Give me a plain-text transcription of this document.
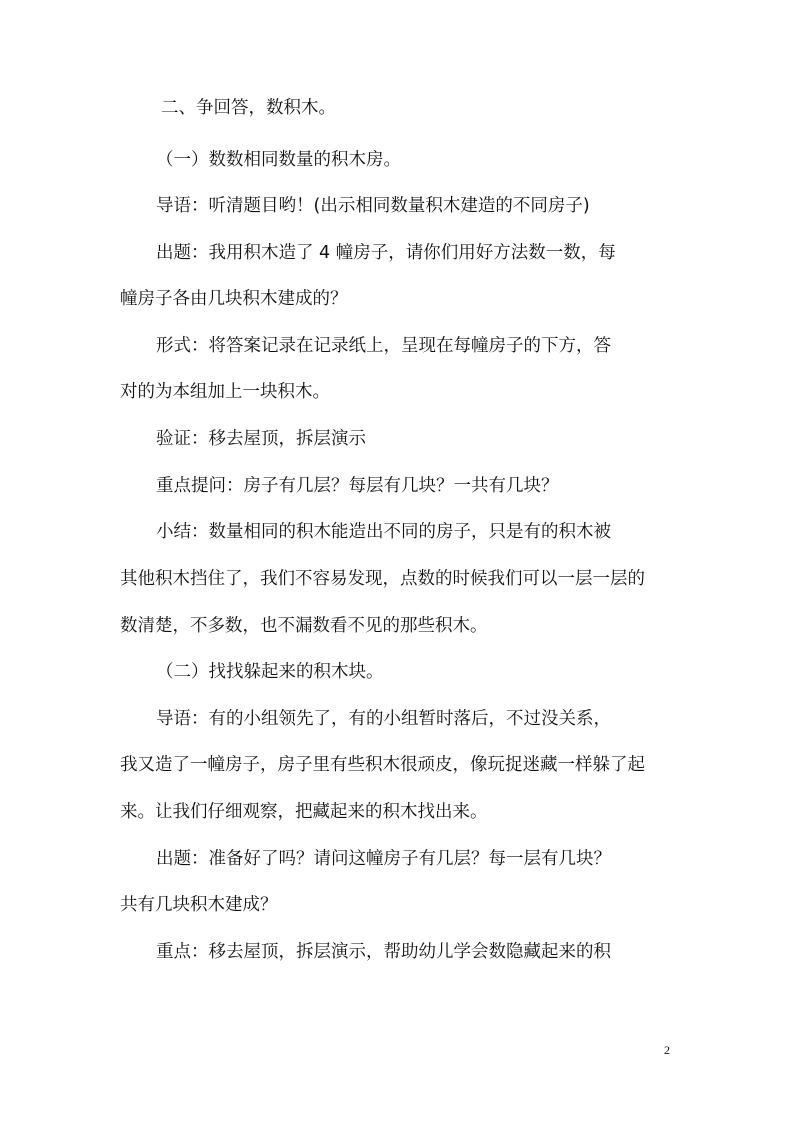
二、争回答，数积木。
（一）数数相同数量的积木房。
导语：听清题目哟！(出示相同数量积木建造的不同房子)
出题：我用积木造了 4 幢房子，请你们用好方法数一数，每
幢房子各由几块积木建成的？
形式：将答案记录在记录纸上，呈现在每幢房子的下方，答
对的为本组加上一块积木。
验证：移去屋顶，拆层演示
重点提问：房子有几层？每层有几块？一共有几块？
小结：数量相同的积木能造出不同的房子，只是有的积木被
其他积木挡住了，我们不容易发现，点数的时候我们可以一层一层的
数清楚，不多数，也不漏数看不见的那些积木。
（二）找找躲起来的积木块。
导语：有的小组领先了，有的小组暂时落后，不过没关系，
我又造了一幢房子，房子里有些积木很顽皮，像玩捉迷藏一样躲了起
来。让我们仔细观察，把藏起来的积木找出来。
出题：准备好了吗？请问这幢房子有几层？每一层有几块？
共有几块积木建成？
重点：移去屋顶，拆层演示，帮助幼儿学会数隐藏起来的积
2
